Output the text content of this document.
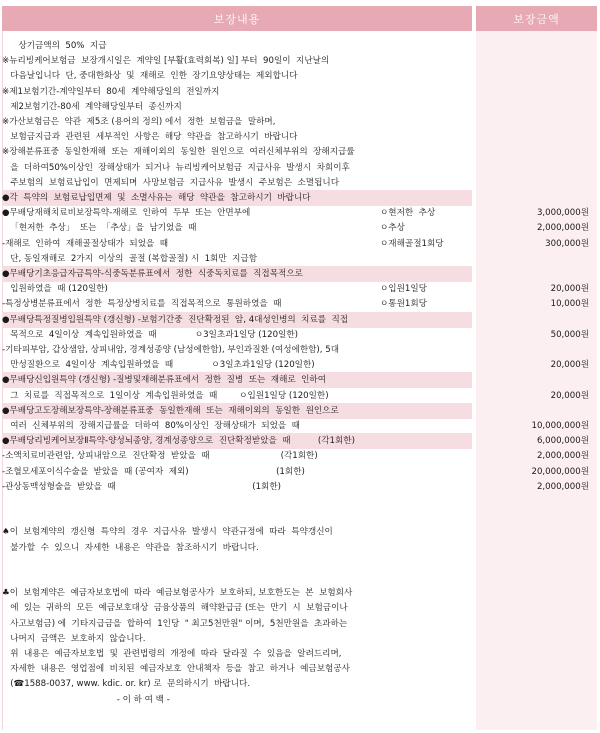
보장내용	보장금액
상기금액의  50%  지급
※뉴리빙케어보험금  보장개시일은  계약일 [부활(효력회복) 일] 부터  90일이  지난날의
다음날입니다  단, 중대한화상  및  재해로  인한  장기요양상태는  제외합니다
※제1보험기간-계약일부터  80세  계약해당일의  전일까지
제2보험기간-80세  계약해당일부터  종신까지
※가산보험금은  약관  제5조 (용어의 정의) 에서  정한  보험금을  말하며,
보험금지급과  관련된  세부적인  사항은  해당  약관을  참고하시기  바랍니다
※장해분류표중  동일한재해  또는  재해이외의  동일한  원인으로  여러신체부위의  장해지급률
을  더하여50%이상인  장해상태가  되거나  뉴리빙케어보험금  지급사유  발생시  차회이후
주보험의  보험료납입이  면제되며  사망보험금  지급사유  발생시  주보험은  소멸됩니다
●각  특약의  보험료납입면제  및  소멸사유는  해당  약관을  참고하시기  바랍니다
●무배당재해치료비보장특약-재해로  인하여  두부  또는  안면부에	ㅇ현저한  추상	3,000,000원
「현저한  추상」  또는  「추상」을  남기었을  때	ㅇ추상	2,000,000원
-재해로  인하여  재해골절상태가  되었을  때	ㅇ재해골절1회당	300,000원
단, 동일재해로  2가지  이상의  골절 (복합골절) 시  1회만  지급함
●무배당기초응급자금특약-식중독분류표에서  정한  식중독치료를  직접목적으로
입원하였을  때 (120일한)	ㅇ입원1일당	20,000원
-특정상병분류표에서  정한  특정상병치료를  직접목적으로  통원하였을  때	ㅇ통원1회당	10,000원
●무배당특정질병입원특약 (갱신형) -보험기간중  진단확정된  암, 4대성인병의  치료를  직접
목적으로  4일이상  계속입원하였을  때              ㅇ3일초과1일당 (120일한)	50,000원
-기타피부암, 갑상샘암, 상피내암, 경계성종양 (남성에한함), 부인과질환 (여성에한함), 5대
만성질환으로  4일이상  계속입원하였을  때              ㅇ3일초과1일당 (120일한)	20,000원
●무배당신입원특약 (갱신형) -질병및재해분류표에서  정한  질병  또는  재해로  인하여
그  치료를  직접목적으로  1일이상  계속입원하였을  때        ㅇ입원1일당 (120일한)	20,000원
●무배당고도장해보장특약-장해분류표중  동일한재해  또는  재해이외의  동일한  원인으로
여러  신체부위의  장해지급률을  더하여  80%이상인  장해상태가  되었을  때	10,000,000원
●무배당리빙케어보장Ⅱ특약-양성뇌종양, 경계성종양으로  진단확정받았을  때          (각1회한)	6,000,000원
-소액치료비관련암, 상피내암으로  진단확정  받았을  때                          (각1회한)	2,000,000원
-조혈모세포이식수술을  받았을  때 (공여자  제외)                                (1회한)	20,000,000원
-관상동맥성형술을  받았을  때                                                  (1회한)	2,000,000원
♠이  보험계약의  갱신형  특약의  경우  지급사유  발생시  약관규정에  따라  특약갱신이
불가할  수  있으니  자세한  내용은  약관을  참조하시기  바랍니다.
♣이  보험계약은  예금자보호법에  따라  예금보험공사가  보호하되, 보호한도는  본  보험회사
에  있는  귀하의  모든  예금보호대상  금융상품의  해약환급금 (또는  만기  시  보험금이나
사고보험금) 에  기타지급금을  합하여  1인당  " 최고5천만원" 이며,  5천만원을  초과하는
나머지  금액은  보호하지  않습니다.
위  내용은  예금자보호법  및  관련법령의  개정에  따라  달라질  수  있음을  알려드리며,
자세한  내용은  영업점에  비치된  예금자보호  안내책자  등을  참고  하거나  예금보험공사
(☎1588-0037, www. kdic. or. kr) 로  문의하시기  바랍니다.
- 이 하 여 백 -
